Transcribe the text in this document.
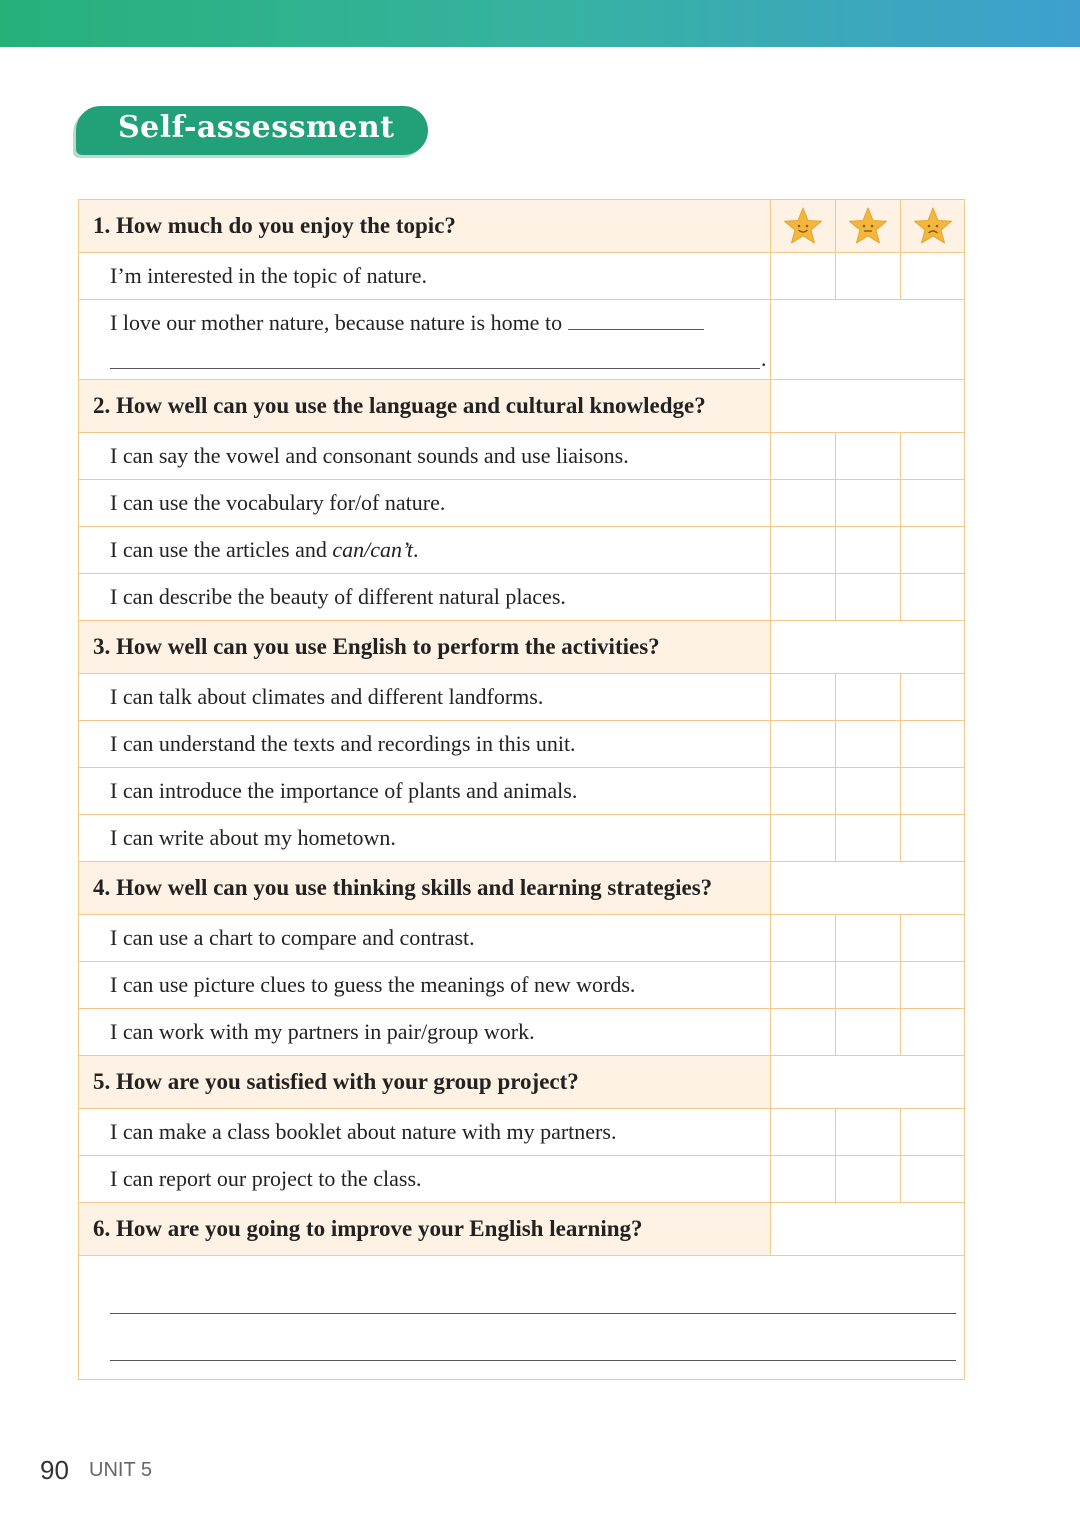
Self-assessment
1. How much do you enjoy the topic?	

I’m interested in the topic of nature.			

I love our mother nature, because nature is home to
.			

2. How well can you use the language and cultural knowledge?			
I can say the vowel and consonant sounds and use liaisons.			
I can use the vocabulary for/of nature.			
I can use the articles and can/can’t.			
I can describe the beauty of different natural places.			
3. How well can you use English to perform the activities?			
I can talk about climates and different landforms.			
I can understand the texts and recordings in this unit.			
I can introduce the importance of plants and animals.			
I can write about my hometown.			
4. How well can you use thinking skills and learning strategies?			
I can use a chart to compare and contrast.			
I can use picture clues to guess the meanings of new words.			
I can work with my partners in pair/group work.			
5. How are you satisfied with your group project?			
I can make a class booklet about nature with my partners.			
I can report our project to the class.			
6. How are you going to improve your English learning?			

90 UNIT 5
